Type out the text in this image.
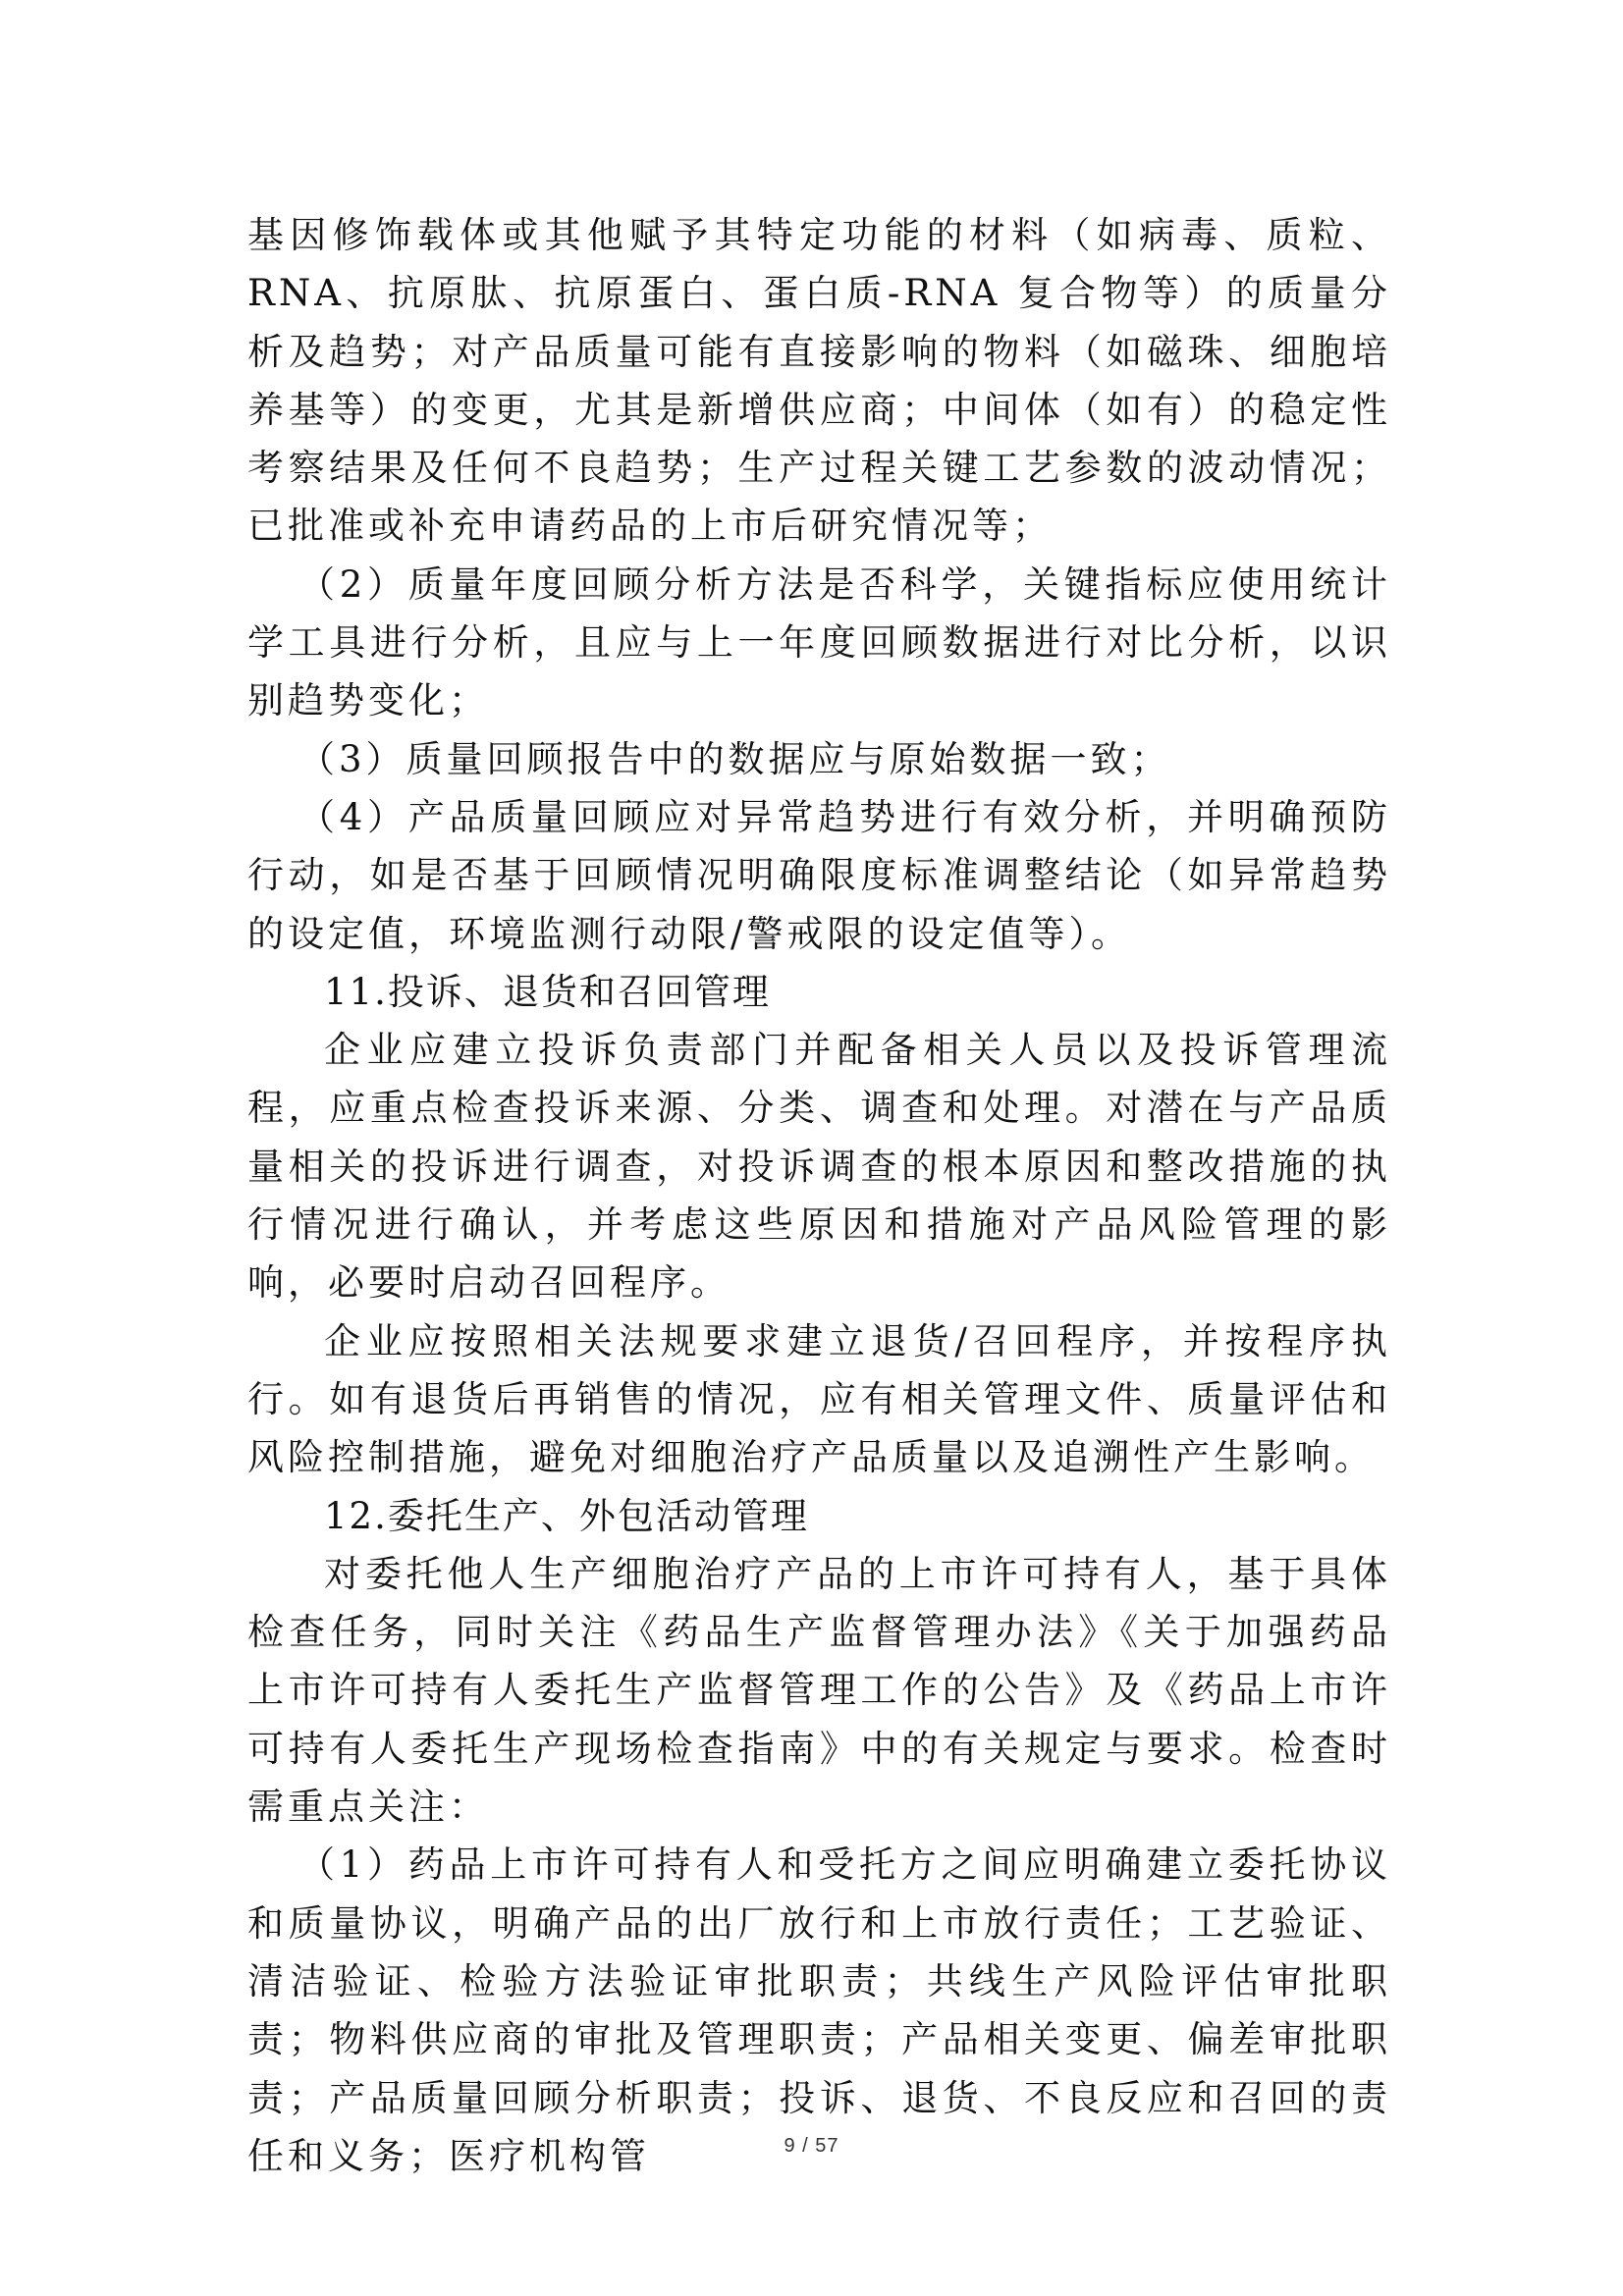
基因修饰载体或其他赋予其特定功能的材料（如病毒、质粒、RNA、抗原肽、抗原蛋白、蛋白质-RNA 复合物等）的质量分析及趋势；对产品质量可能有直接影响的物料（如磁珠、细胞培养基等）的变更，尤其是新增供应商；中间体（如有）的稳定性考察结果及任何不良趋势；生产过程关键工艺参数的波动情况；已批准或补充申请药品的上市后研究情况等；

（2）质量年度回顾分析方法是否科学，关键指标应使用统计学工具进行分析，且应与上一年度回顾数据进行对比分析，以识别趋势变化；

（3）质量回顾报告中的数据应与原始数据一致；

（4）产品质量回顾应对异常趋势进行有效分析，并明确预防行动，如是否基于回顾情况明确限度标准调整结论（如异常趋势的设定值，环境监测行动限/警戒限的设定值等）。

11.投诉、退货和召回管理

企业应建立投诉负责部门并配备相关人员以及投诉管理流程，应重点检查投诉来源、分类、调查和处理。对潜在与产品质量相关的投诉进行调查，对投诉调查的根本原因和整改措施的执行情况进行确认，并考虑这些原因和措施对产品风险管理的影响，必要时启动召回程序。

企业应按照相关法规要求建立退货/召回程序，并按程序执行。如有退货后再销售的情况，应有相关管理文件、质量评估和风险控制措施，避免对细胞治疗产品质量以及追溯性产生影响。

12.委托生产、外包活动管理

对委托他人生产细胞治疗产品的上市许可持有人，基于具体检查任务，同时关注《药品生产监督管理办法》《关于加强药品上市许可持有人委托生产监督管理工作的公告》及《药品上市许可持有人委托生产现场检查指南》中的有关规定与要求。检查时需重点关注：

（1）药品上市许可持有人和受托方之间应明确建立委托协议和质量协议，明确产品的出厂放行和上市放行责任；工艺验证、清洁验证、检验方法验证审批职责；共线生产风险评估审批职责；物料供应商的审批及管理职责；产品相关变更、偏差审批职责；产品质量回顾分析职责；投诉、退货、不良反应和召回的责任和义务；医疗机构管	9 / 57
